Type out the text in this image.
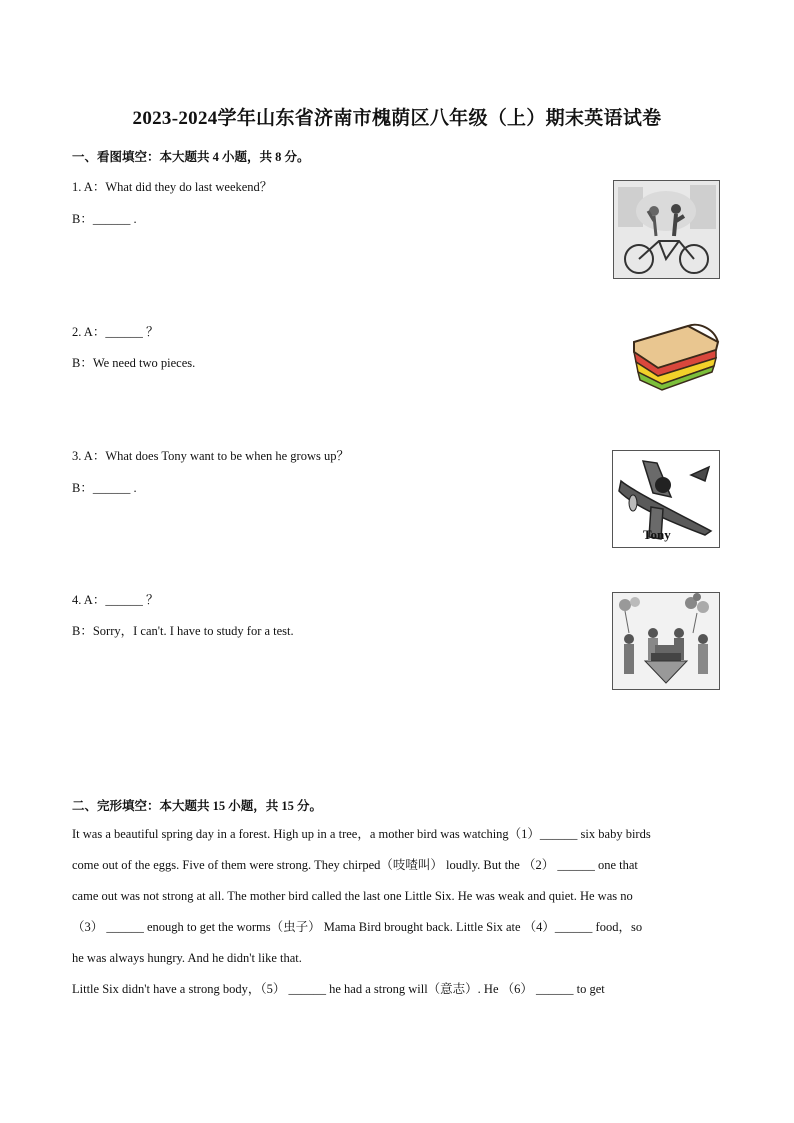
2023-2024学年山东省济南市槐荫区八年级（上）期末英语试卷
一、看图填空：本大题共 4 小题，共 8 分。
1. A：What did they do last weekend？
B：______ .
2. A：______ ？
B：We need two pieces.
3. A：What does Tony want to be when he grows up？
B：______ .
Tony
4. A：______ ？
B：Sorry，I can't. I have to study for a test.
二、完形填空：本大题共 15 小题，共 15 分。
It was a beautiful spring day in a forest. High up in a tree，a mother bird was watching（1）______ six baby birds
come out of the eggs. Five of them were strong. They chirped（吱喳叫） loudly. But the （2） ______ one that
came out was not strong at all. The mother bird called the last one Little Six. He was weak and quiet. He was no
（3） ______ enough to get the worms（虫子） Mama Bird brought back. Little Six ate （4）______ food，so
he was always hungry. And he didn't like that.
Little Six didn't have a strong body，（5） ______ he had a strong will（意志）. He （6） ______ to get
